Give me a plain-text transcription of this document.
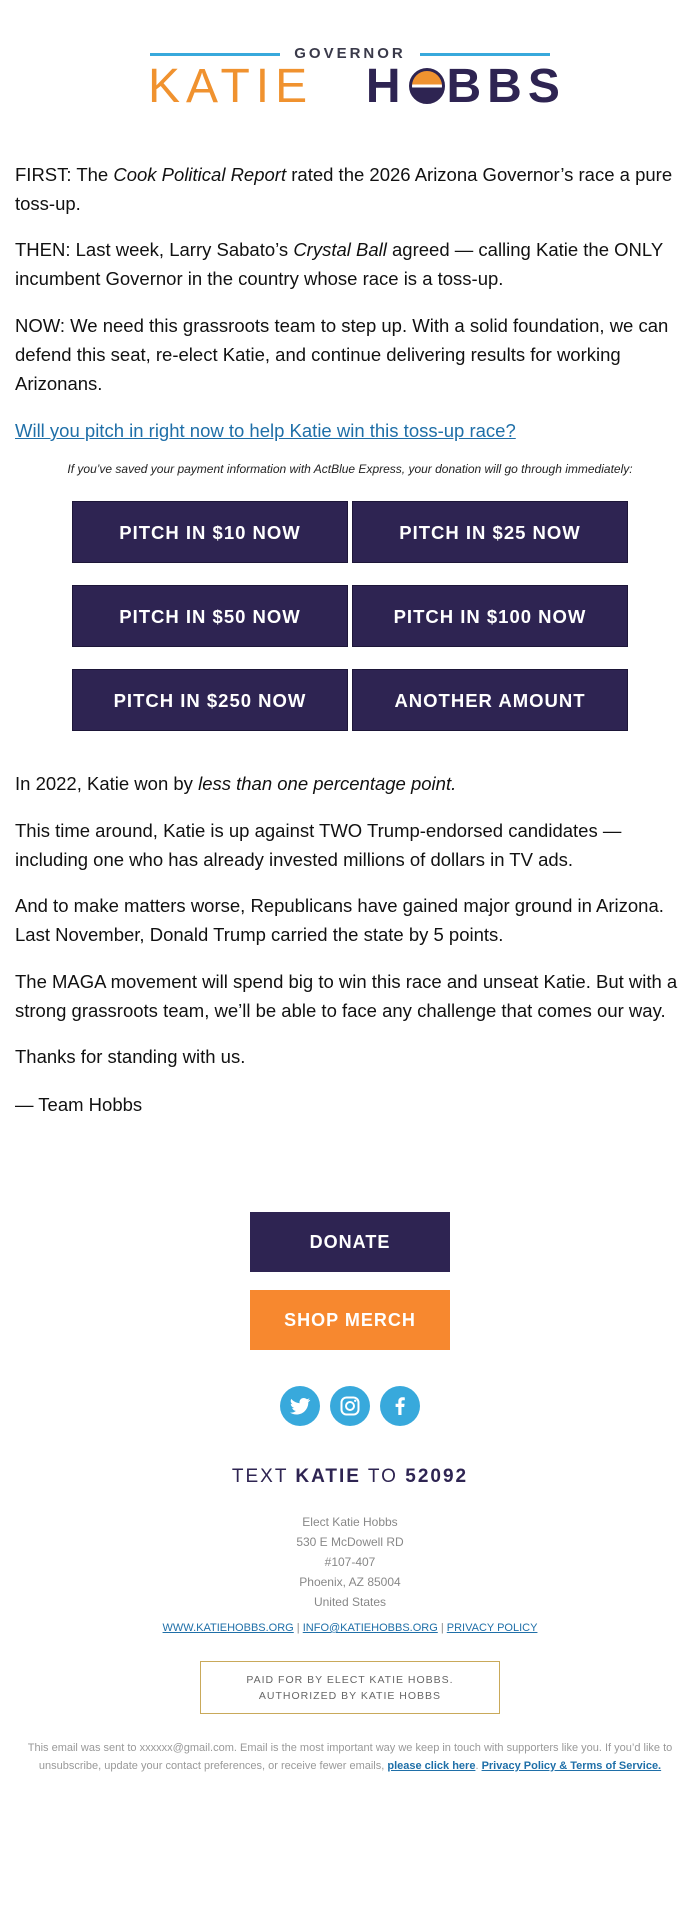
GOVERNOR
KATIE H BBS

FIRST: The Cook Political Report rated the 2026 Arizona Governor’s race a pure toss-up.

THEN: Last week, Larry Sabato’s Crystal Ball agreed — calling Katie the ONLY incumbent Governor in the country whose race is a toss-up.

NOW: We need this grassroots team to step up. With a solid foundation, we can defend this seat, re-elect Katie, and continue delivering results for working Arizonans.

Will you pitch in right now to help Katie win this toss-up race?

If you’ve saved your payment information with ActBlue Express, your donation will go through immediately:
PITCH IN $10 NOW	PITCH IN $25 NOW
PITCH IN $50 NOW	PITCH IN $100 NOW
PITCH IN $250 NOW	ANOTHER AMOUNT

In 2022, Katie won by less than one percentage point.

This time around, Katie is up against TWO Trump-endorsed candidates — including one who has already invested millions of dollars in TV ads.

And to make matters worse, Republicans have gained major ground in Arizona. Last November, Donald Trump carried the state by 5 points.

The MAGA movement will spend big to win this race and unseat Katie. But with a strong grassroots team, we’ll be able to face any challenge that comes our way.

Thanks for standing with us.

— Team Hobbs

DONATE
SHOP MERCH
TEXT KATIE TO 52092
Elect Katie Hobbs
530 E McDowell RD
#107-407
Phoenix, AZ 85004
United States
WWW.KATIEHOBBS.ORG | INFO@KATIEHOBBS.ORG | PRIVACY POLICY
PAID FOR BY ELECT KATIE HOBBS.
AUTHORIZED BY KATIE HOBBS
This email was sent to xxxxxx@gmail.com. Email is the most important way we keep in touch with supporters like you. If you’d like to unsubscribe, update your contact preferences, or receive fewer emails, please click here. Privacy Policy & Terms of Service.
